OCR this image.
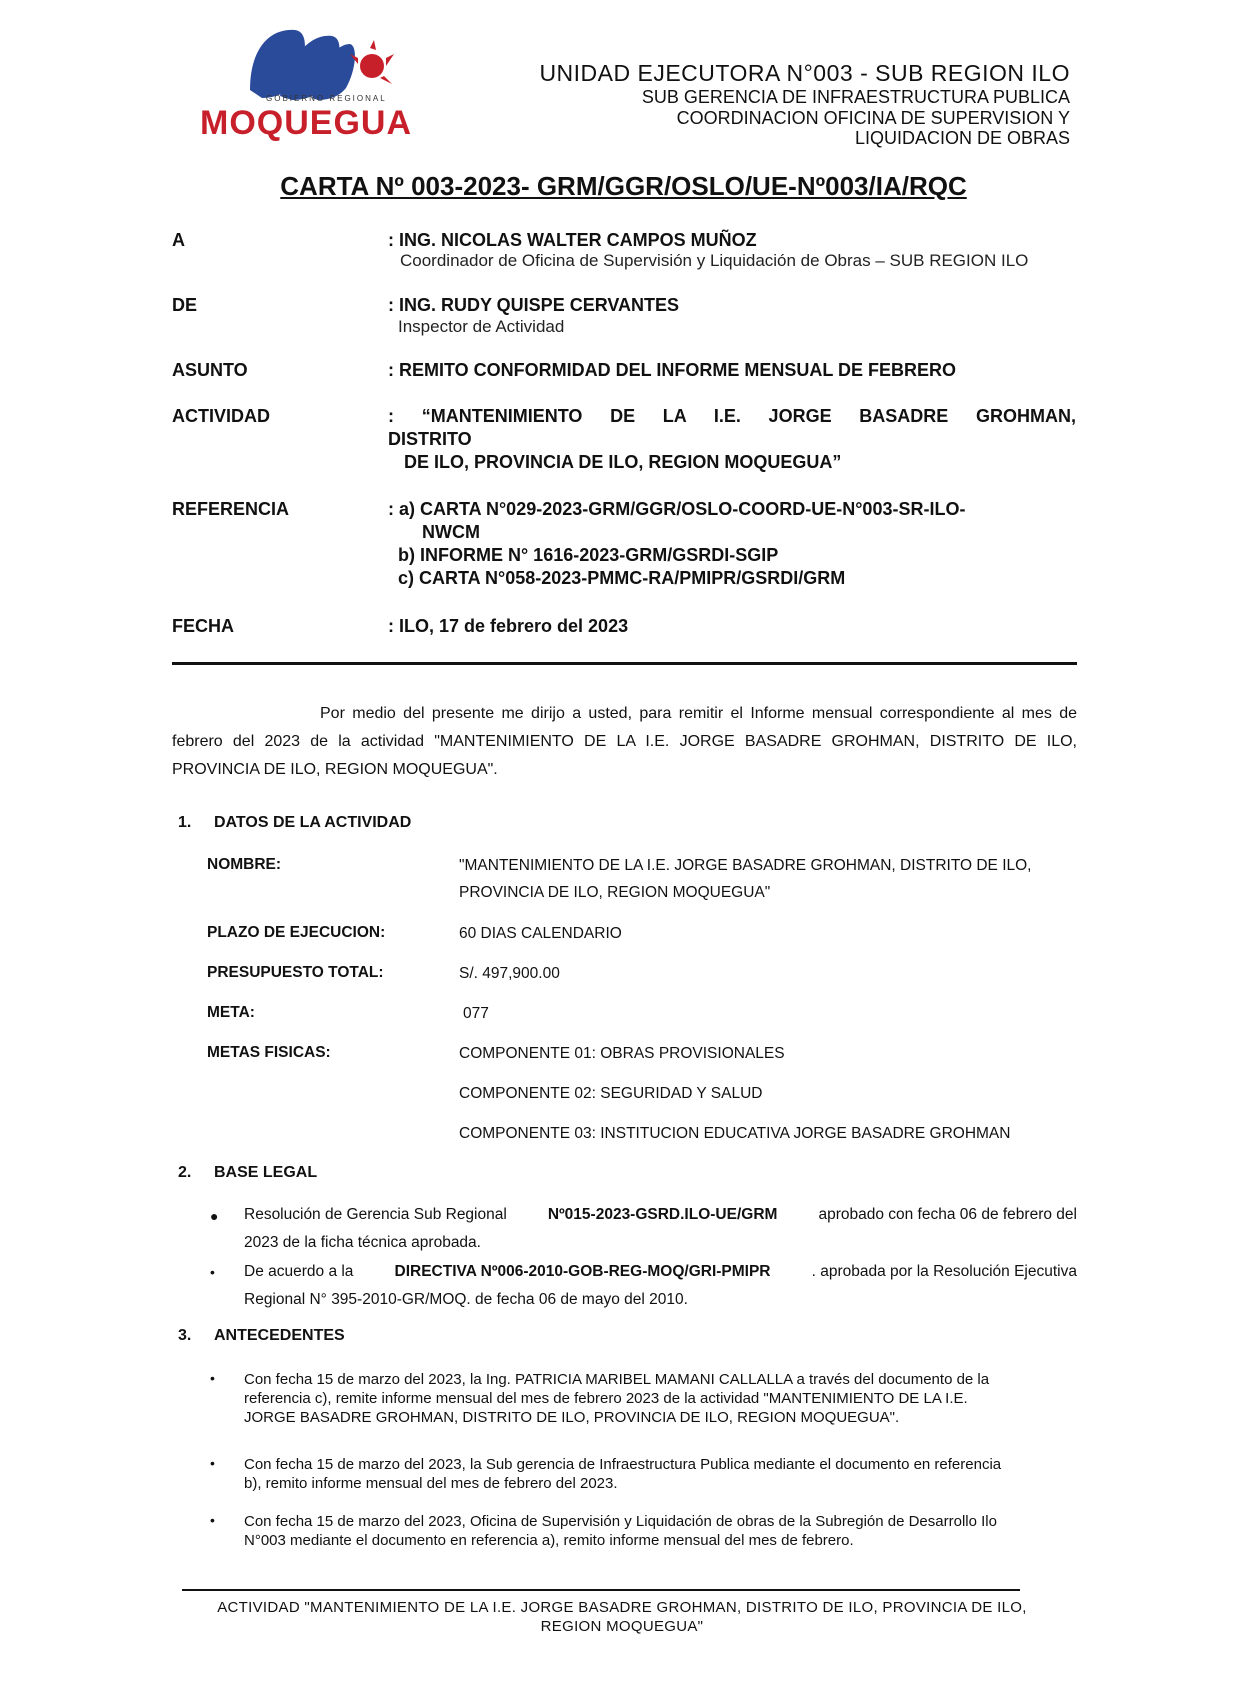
GOBIERNO REGIONAL
MOQUEGUA
UNIDAD EJECUTORA N°003 - SUB REGION ILO
SUB GERENCIA DE INFRAESTRUCTURA PUBLICA
COORDINACION OFICINA DE SUPERVISION Y
LIQUIDACION DE OBRAS
CARTA Nº 003-2023- GRM/GGR/OSLO/UE-Nº003/IA/RQC
A	: ING. NICOLAS WALTER CAMPOS MUÑOZ
Coordinador de Oficina de Supervisión y Liquidación de Obras – SUB REGION ILO
DE	: ING. RUDY QUISPE CERVANTES
Inspector de Actividad
ASUNTO	: REMITO CONFORMIDAD DEL INFORME MENSUAL DE FEBRERO
ACTIVIDAD	: “MANTENIMIENTO DE LA I.E. JORGE BASADRE GROHMAN,
DISTRITO
DE ILO, PROVINCIA DE ILO, REGION MOQUEGUA”
REFERENCIA	: a) CARTA N°029-2023-GRM/GGR/OSLO-COORD-UE-N°003-SR-ILO-
NWCM
b) INFORME N° 1616-2023-GRM/GSRDI-SGIP
c) CARTA N°058-2023-PMMC-RA/PMIPR/GSRDI/GRM
FECHA	: ILO, 17 de febrero del 2023
Por medio del presente me dirijo a usted, para remitir el Informe mensual correspondiente al mes de
febrero del 2023 de la actividad "MANTENIMIENTO DE LA I.E. JORGE BASADRE GROHMAN, DISTRITO DE ILO,
PROVINCIA DE ILO, REGION MOQUEGUA".
1. DATOS DE LA ACTIVIDAD
NOMBRE:	"MANTENIMIENTO DE LA I.E. JORGE BASADRE GROHMAN, DISTRITO DE ILO,
PROVINCIA DE ILO, REGION MOQUEGUA"
PLAZO DE EJECUCION:	60 DIAS CALENDARIO
PRESUPUESTO TOTAL:	S/. 497,900.00
META:	077
METAS FISICAS:	COMPONENTE 01: OBRAS PROVISIONALES
COMPONENTE 02: SEGURIDAD Y SALUD
COMPONENTE 03: INSTITUCION EDUCATIVA JORGE BASADRE GROHMAN
2. BASE LEGAL
● Resolución de Gerencia Sub Regional	Nº015-2023-GSRD.ILO-UE/GRM	aprobado con fecha 06 de febrero del
2023 de la ficha técnica aprobada.
• De acuerdo a la	DIRECTIVA Nº006-2010-GOB-REG-MOQ/GRI-PMIPR	. aprobada por la Resolución Ejecutiva
Regional N° 395-2010-GR/MOQ. de fecha 06 de mayo del 2010.
3. ANTECEDENTES
• Con fecha 15 de marzo del 2023, la Ing. PATRICIA MARIBEL MAMANI CALLALLA a través del documento de la
referencia c), remite informe mensual del mes de febrero 2023 de la actividad "MANTENIMIENTO DE LA I.E.
JORGE BASADRE GROHMAN, DISTRITO DE ILO, PROVINCIA DE ILO, REGION MOQUEGUA".
• Con fecha 15 de marzo del 2023, la Sub gerencia de Infraestructura Publica mediante el documento en referencia
b), remito informe mensual del mes de febrero del 2023.
• Con fecha 15 de marzo del 2023, Oficina de Supervisión y Liquidación de obras de la Subregión de Desarrollo Ilo
N°003 mediante el documento en referencia a), remito informe mensual del mes de febrero.
ACTIVIDAD "MANTENIMIENTO DE LA I.E. JORGE BASADRE GROHMAN, DISTRITO DE ILO, PROVINCIA DE ILO,
REGION MOQUEGUA"
